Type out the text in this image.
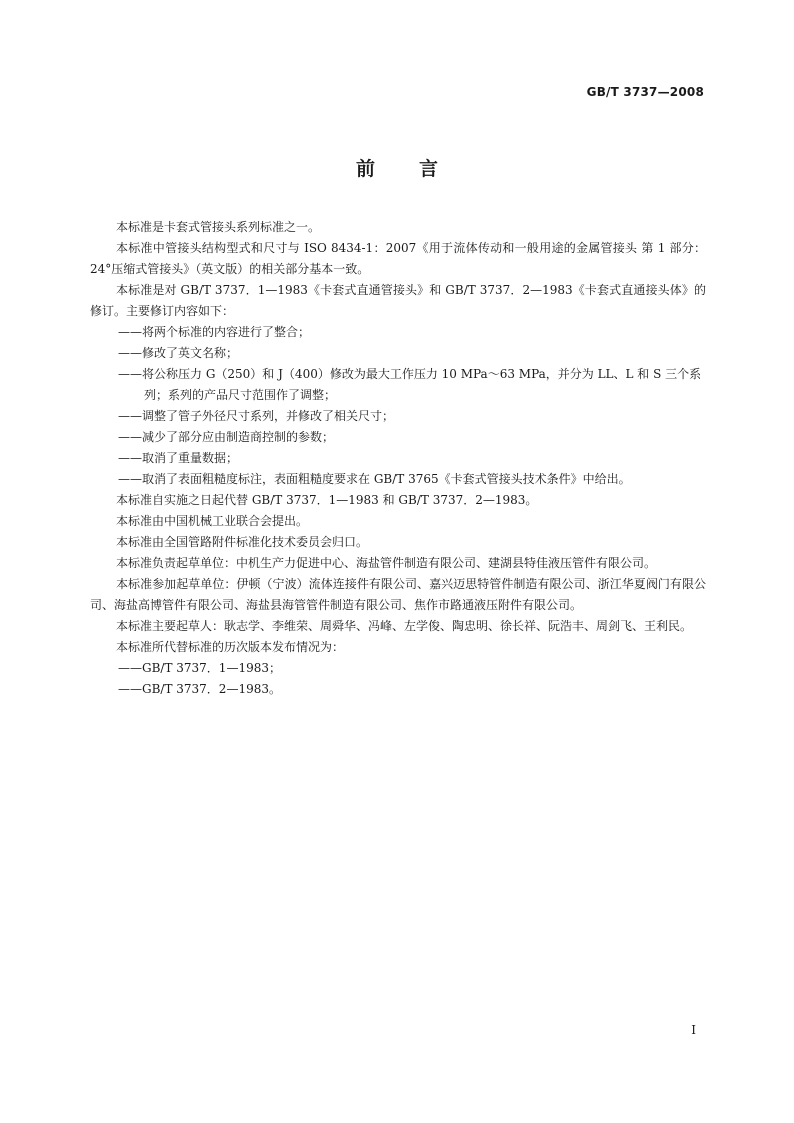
GB/T 3737—2008
前言

本标准是卡套式管接头系列标准之一。

本标准中管接头结构型式和尺寸与 ISO 8434-1：2007《用于流体传动和一般用途的金属管接头 第 1 部分：24°压缩式管接头》（英文版）的相关部分基本一致。

本标准是对 GB/T 3737．1—1983《卡套式直通管接头》和 GB/T 3737．2—1983《卡套式直通接头体》的修订。主要修订内容如下：

——将两个标准的内容进行了整合；

——修改了英文名称；

——将公称压力 G（250）和 J（400）修改为最大工作压力 10 MPa～63 MPa，并分为 LL、L 和 S 三个系列；系列的产品尺寸范围作了调整；

——调整了管子外径尺寸系列，并修改了相关尺寸；

——减少了部分应由制造商控制的参数；

——取消了重量数据；

——取消了表面粗糙度标注，表面粗糙度要求在 GB/T 3765《卡套式管接头技术条件》中给出。

本标准自实施之日起代替 GB/T 3737．1—1983 和 GB/T 3737．2—1983。

本标准由中国机械工业联合会提出。

本标准由全国管路附件标准化技术委员会归口。

本标准负责起草单位：中机生产力促进中心、海盐管件制造有限公司、建湖县特佳液压管件有限公司。

本标准参加起草单位：伊顿（宁波）流体连接件有限公司、嘉兴迈思特管件制造有限公司、浙江华夏阀门有限公司、海盐高博管件有限公司、海盐县海管管件制造有限公司、焦作市路通液压附件有限公司。

本标准主要起草人：耿志学、李维荣、周舜华、冯峰、左学俊、陶忠明、徐长祥、阮浩丰、周剑飞、王利民。

本标准所代替标准的历次版本发布情况为：

——GB/T 3737．1—1983；

——GB/T 3737．2—1983。

I
